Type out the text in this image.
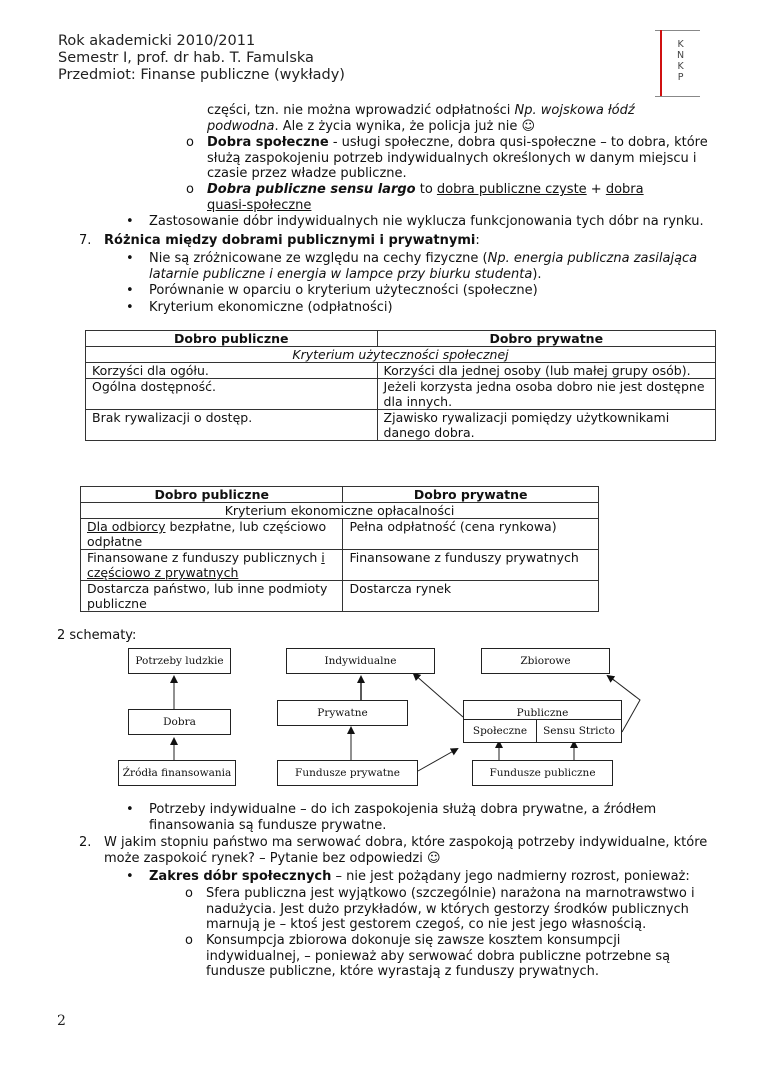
Rok akademicki 2010/2011
Semestr I, prof. dr hab. T. Famulska
Przedmiot: Finanse publiczne (wykłady)
K
N
K
P
części, tzn. nie można wprowadzić odpłatności Np. wojskowa łódź
podwodna. Ale z życia wynika, że policja już nie ☺
o Dobra społeczne - usługi społeczne, dobra qusi-społeczne – to dobra, które
służą zaspokojeniu potrzeb indywidualnych określonych w danym miejscu i
czasie przez władze publiczne.
o Dobra publiczne sensu largo to dobra publiczne czyste + dobra
quasi-społeczne
• Zastosowanie dóbr indywidualnych nie wyklucza funkcjonowania tych dóbr na rynku.
7. Różnica między dobrami publicznymi i prywatnymi:
• Nie są zróżnicowane ze względu na cechy fizyczne (Np. energia publiczna zasilająca
latarnie publiczne i energia w lampce przy biurku studenta).
• Porównanie w oparciu o kryterium użyteczności (społeczne)
• Kryterium ekonomiczne (odpłatności)
Dobro publiczne	Dobro prywatne
Kryterium użyteczności społecznej	
Korzyści dla ogółu.	Korzyści dla jednej osoby (lub małej grupy osób).
Ogólna dostępność.	Jeżeli korzysta jedna osoba dobro nie jest dostępne dla innych.
Brak rywalizacji o dostęp.	Zjawisko rywalizacji pomiędzy użytkownikami danego dobra.
Dobro publiczne	Dobro prywatne
Kryterium ekonomiczne opłacalności	
Dla odbiorcy bezpłatne, lub częściowo odpłatne	Pełna odpłatność (cena rynkowa)
Finansowane z funduszy publicznych i częściowo z prywatnych	Finansowane z funduszy prywatnych
Dostarcza państwo, lub inne podmioty publiczne	Dostarcza rynek
2 schematy:
Potrzeby ludzkie
Dobra
Źródła finansowania
Indywidualne	Zbiorowe
Prywatne	Publiczne
Społeczne	Sensu Stricto
Fundusze prywatne	Fundusze publiczne
• Potrzeby indywidualne – do ich zaspokojenia służą dobra prywatne, a źródłem
finansowania są fundusze prywatne.
2. W jakim stopniu państwo ma serwować dobra, które zaspokoją potrzeby indywidualne, które
może zaspokoić rynek? – Pytanie bez odpowiedzi ☺
• Zakres dóbr społecznych – nie jest pożądany jego nadmierny rozrost, ponieważ:
o Sfera publiczna jest wyjątkowo (szczególnie) narażona na marnotrawstwo i
nadużycia. Jest dużo przykładów, w których gestorzy środków publicznych
marnują je – ktoś jest gestorem czegoś, co nie jest jego własnością.
o Konsumpcja zbiorowa dokonuje się zawsze kosztem konsumpcji
indywidualnej, – ponieważ aby serwować dobra publiczne potrzebne są
fundusze publiczne, które wyrastają z funduszy prywatnych.
2
